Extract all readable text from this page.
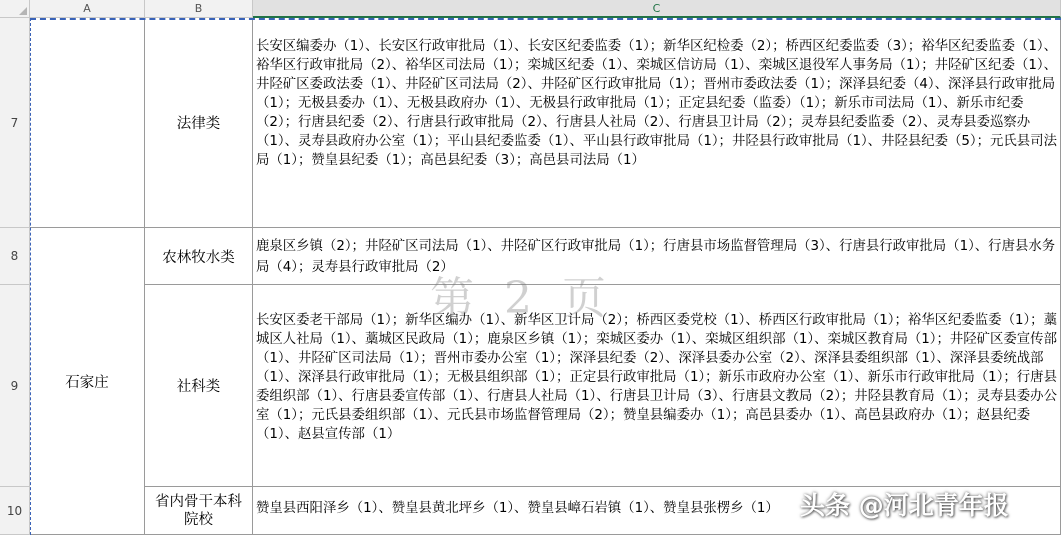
A	B	C
7
8
9
10
石家庄
法律类
农林牧水类
社科类
省内骨干本科院校
长安区编委办（1）、长安区行政审批局（1）、长安区纪委监委（1）；新华区纪检委（2）；桥西区纪委监委（3）；裕华区纪委监委（1）、裕华区行政审批局（2）、裕华区司法局（1）；栾城区纪委（1）、栾城区信访局（1）、栾城区退役军人事务局（1）；井陉矿区纪委（1）、井陉矿区委政法委（1）、井陉矿区司法局（2）、井陉矿区行政审批局（1）；晋州市委政法委（1）；深泽县纪委（4）、深泽县行政审批局（1）；无极县委办（1）、无极县政府办（1）、无极县行政审批局（1）；正定县纪委（监委）（1）；新乐市司法局（1）、新乐市纪委（2）；行唐县纪委（2）、行唐县行政审批局（2）、行唐县人社局（2）、行唐县卫计局（2）；灵寿县纪委监委（2）、灵寿县委巡察办（1）、灵寿县政府办公室（1）；平山县纪委监委（1）、平山县行政审批局（1）；井陉县行政审批局（1）、井陉县纪委（5）；元氏县司法局（1）；赞皇县纪委（1）；高邑县纪委（3）；高邑县司法局（1）
鹿泉区乡镇（2）；井陉矿区司法局（1）、井陉矿区行政审批局（1）；行唐县市场监督管理局（3）、行唐县行政审批局（1）、行唐县水务局（4）；灵寿县行政审批局（2）
长安区委老干部局（1）；新华区编办（1）、新华区卫计局（2）；桥西区委党校（1）、桥西区行政审批局（1）；裕华区纪委监委（1）；藁城区人社局（1）、藁城区民政局（1）；鹿泉区乡镇（1）；栾城区委办（1）、栾城区组织部（1）、栾城区教育局（1）；井陉矿区委宣传部（1）、井陉矿区司法局（1）；晋州市委办公室（1）；深泽县纪委（2）、深泽县委办公室（2）、深泽县委组织部（1）、深泽县委统战部（1）、深泽县行政审批局（1）；无极县组织部（1）；正定县行政审批局（1）；新乐市政府办公室（1）、新乐市行政审批局（1）；行唐县委组织部（1）、行唐县委宣传部（1）、行唐县人社局（1）、行唐县卫计局（3）、行唐县文教局（2）；井陉县教育局（1）；灵寿县委办公室（1）；元氏县委组织部（1）、元氏县市场监督管理局（2）；赞皇县编委办（1）；高邑县委办（1）、高邑县政府办（1）；赵县纪委（1）、赵县宣传部（1）
赞皇县西阳泽乡（1）、赞皇县黄北坪乡（1）、赞皇县嶂石岩镇（1）、赞皇县张楞乡（1）
第 2 页
头条 @河北青年报
